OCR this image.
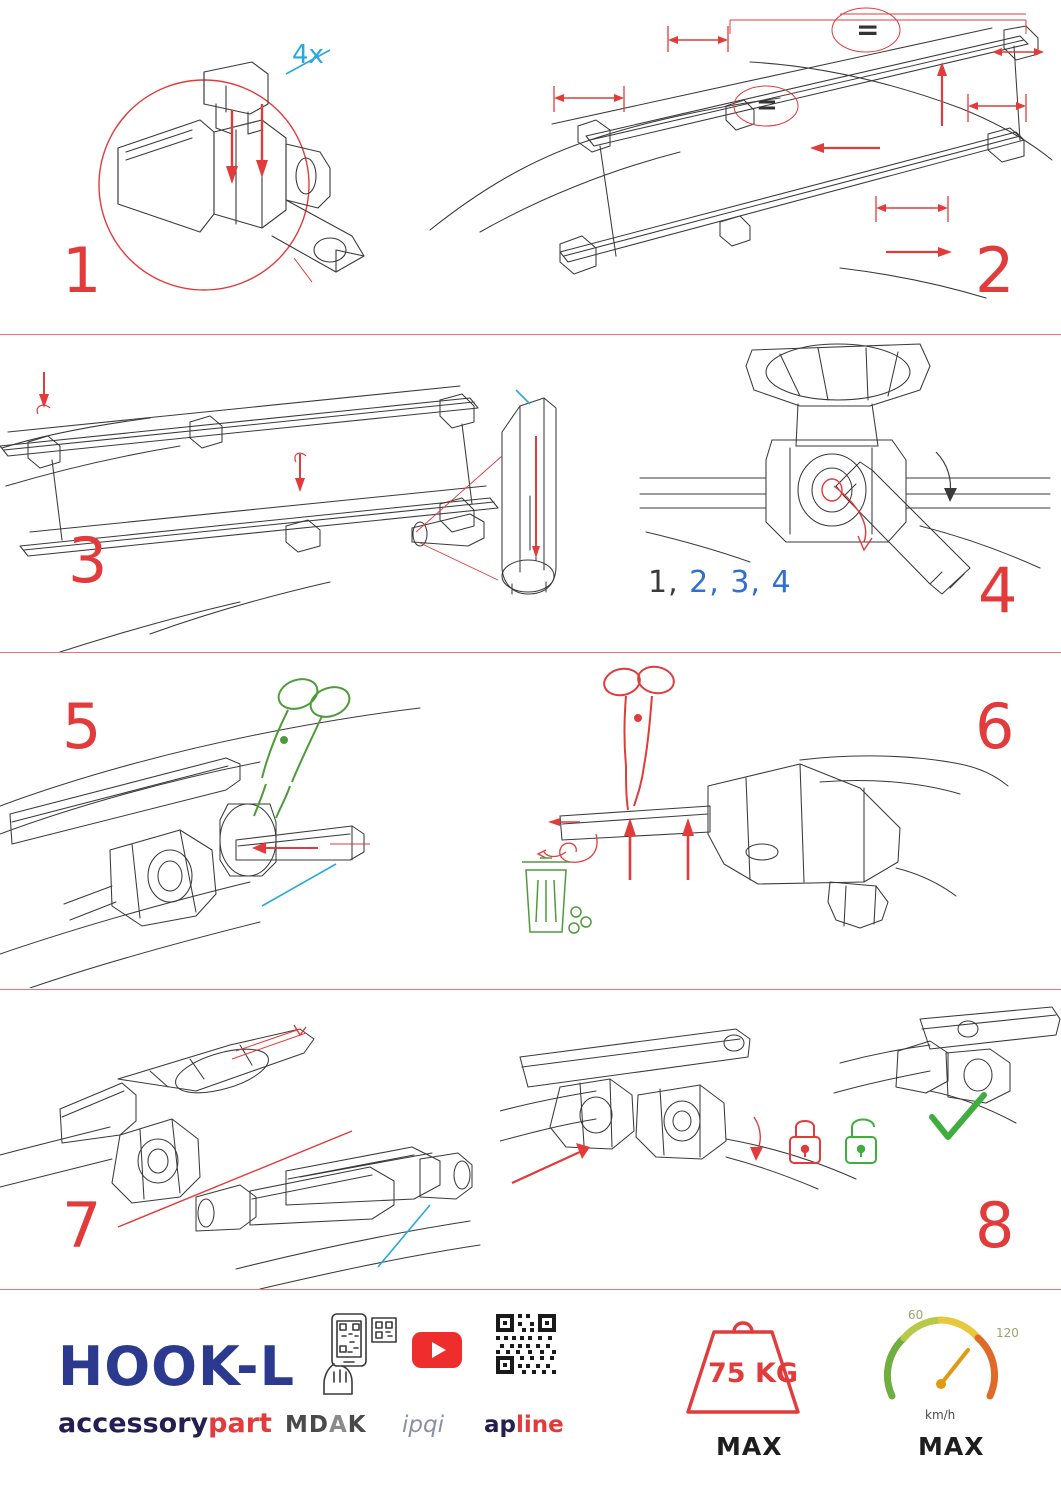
4x
1
=
=
2
3	1, 2, 3, 4	4
5	6
7	8
HOOK-L
accessorypart MDAK ipqi apline
75 KG
MAX
60
120
km/h
MAX
